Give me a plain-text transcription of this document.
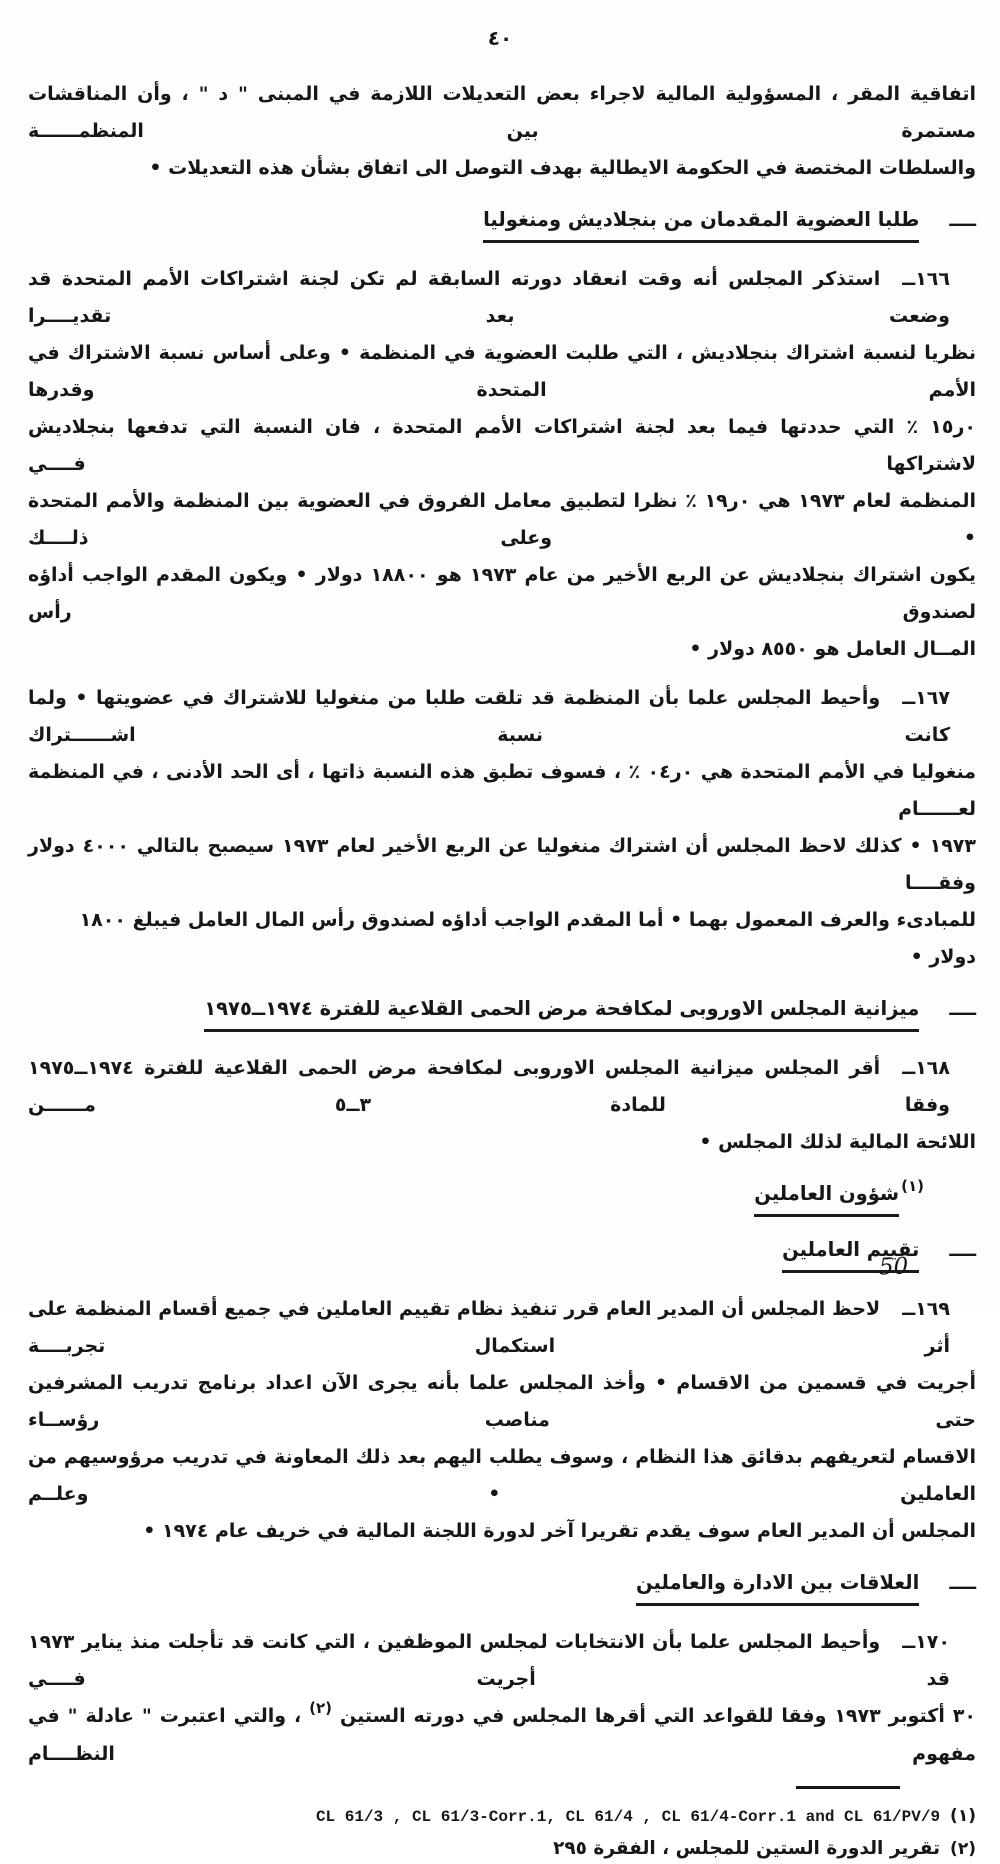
٤٠
اتفاقية المقر ، المسؤولية المالية لاجراء بعض التعديلات اللازمة في المبنى " د " ، وأن المناقشات مستمرة بين المنظمــــــة
والسلطات المختصة في الحكومة الايطالية بهدف التوصل الى اتفاق بشأن هذه التعديلات •
ــــطلبا العضوية المقدمان من بنجلاديش ومنغوليا
١٦٦ــاستذكر المجلس أنه وقت انعقاد دورته السابقة لم تكن لجنة اشتراكات الأمم المتحدة قد وضعت بعد تقديــــرا
نظريا لنسبة اشتراك بنجلاديش ، التي طلبت العضوية في المنظمة • وعلى أساس نسبة الاشتراك في الأمم المتحدة وقدرها
٠ر١٥ ٪ التي حددتها فيما بعد لجنة اشتراكات الأمم المتحدة ، فان النسبة التي تدفعها بنجلاديش لاشتراكها فــــي
المنظمة لعام ١٩٧٣ هي ٠ر١٩ ٪ نظرا لتطبيق معامل الفروق في العضوية بين المنظمة والأمم المتحدة • وعلى ذلــــك
يكون اشتراك بنجلاديش عن الربع الأخير من عام ١٩٧٣ هو ١٨٨٠٠ دولار • ويكون المقدم الواجب أداؤه لصندوق رأس
المــال العامل هو ٨٥٥٠ دولار •
١٦٧ــوأحيط المجلس علما بأن المنظمة قد تلقت طلبا من منغوليا للاشتراك في عضويتها • ولما كانت نسبة اشــــــتراك
منغوليا في الأمم المتحدة هي ٠ر٠٤ ٪ ، فسوف تطبق هذه النسبة ذاتها ، أى الحد الأدنى ، في المنظمة لعــــــام
١٩٧٣ • كذلك لاحظ المجلس أن اشتراك منغوليا عن الربع الأخير لعام ١٩٧٣ سيصبح بالتالي ٤٠٠٠ دولار وفقــــا
للمبادىء والعرف المعمول بهما • أما المقدم الواجب أداؤه لصندوق رأس المال العامل فيبلغ ١٨٠٠ دولار •
ــــميزانية المجلس الاوروبى لمكافحة مرض الحمى القلاعية للفترة ١٩٧٤ــ١٩٧٥
١٦٨ــأقر المجلس ميزانية المجلس الاوروبى لمكافحة مرض الحمى القلاعية للفترة ١٩٧٤ــ١٩٧٥ وفقا للمادة ٣ــ٥ مــــــن
اللائحة المالية لذلك المجلس •
(١)شؤون العاملين
ــــتقييم العاملين
١٦٩ــلاحظ المجلس أن المدير العام قرر تنفيذ نظام تقييم العاملين في جميع أقسام المنظمة على أثر استكمال تجربــــة
أجريت في قسمين من الاقسام • وأخذ المجلس علما بأنه يجرى الآن اعداد برنامج تدريب المشرفين حتى مناصب رؤســاء
الاقسام لتعريفهم بدقائق هذا النظام ، وسوف يطلب اليهم بعد ذلك المعاونة في تدريب مرؤوسيهم من العاملين • وعلــم
المجلس أن المدير العام سوف يقدم تقريرا آخر لدورة اللجنة المالية في خريف عام ١٩٧٤ •
ــــالعلاقات بين الادارة والعاملين
١٧٠ــوأحيط المجلس علما بأن الانتخابات لمجلس الموظفين ، التي كانت قد تأجلت منذ يناير ١٩٧٣ قد أجريت فــــي
٣٠ أكتوبر ١٩٧٣ وفقا للقواعد التي أقرها المجلس في دورته الستين (٢) ، والتي اعتبرت " عادلة " في مفهوم النظــــام
(١)CL 61/3 , CL 61/3-Corr.1, CL 61/4 , CL 61/4-Corr.1 and CL 61/PV/9
(٢)تقرير الدورة الستين للمجلس ، الفقرة ٢٩٥
50
